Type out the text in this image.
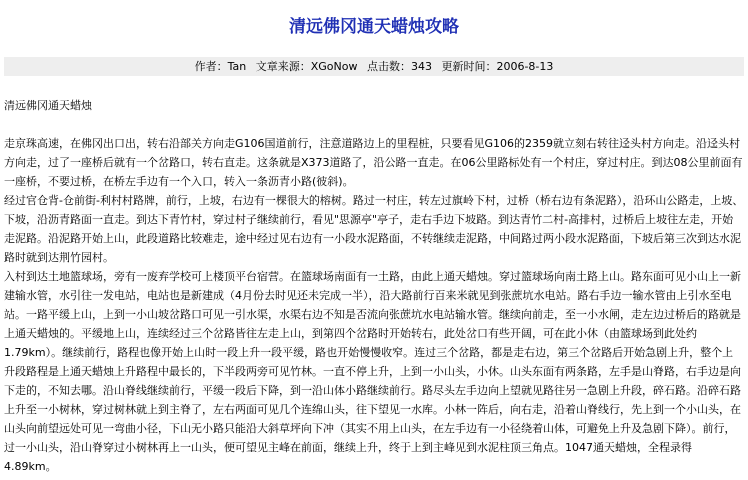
清远佛冈通天蜡烛攻略
作者：Tan 文章来源：XGoNow 点击数：343 更新时间：2006-8-13

清远佛冈通天蜡烛

走京珠高速，在佛冈出口出，转右沿部关方向走G106国道前行，注意道路边上的里程桩，只要看见G106的2359就立刻右转往迳头村方向走。沿迳头村方向走，过了一座桥后就有一个岔路口，转右直走。这条就是X373道路了，沿公路一直走。在06公里路标处有一个村庄，穿过村庄。到达08公里前面有一座桥，不要过桥，在桥左手边有一个入口，转入一条沥青小路(彼斜)。

经过官仓背-仓前街-利村村路牌，前行，上坡，右边有一棵很大的榕树。路过一村庄，转左过旗岭下村，过桥（桥右边有条泥路），沿环山公路走，上坡、下坡，沿沥青路面一直走。到达下青竹村，穿过村子继续前行，看见"思源亭"亭子，走右手边下坡路。到达青竹二村-高排村，过桥后上坡往左走，开始走泥路。沿泥路开始上山，此段道路比较难走，途中经过见右边有一小段水泥路面，不转继续走泥路，中间路过两小段水泥路面，下坡后第三次到达水泥路时就到达荆竹园村。

入村到达土地篮球场，旁有一废弃学校可上楼顶平台宿营。在篮球场南面有一土路，由此上通天蜡烛。穿过篮球场向南土路上山。路东面可见小山上一新建输水管，水引往一发电站，电站也是新建成（4月份去时见还未完成一半），沿大路前行百来米就见到张蔗坑水电站。路右手边一输水管由上引水至电站。一路平缓上山，上到一小山坡岔路口可见一引水渠，水渠右边不知是否流向张蔗坑水电站输水管。继续向前走，至一小水闸，走左边过桥后的路就是上通天蜡烛的。平缓地上山，连续经过三个岔路皆往左走上山，到第四个岔路时开始转右，此处岔口有些开阔，可在此小休（由篮球场到此处约1.79km）。继续前行，路程也像开始上山时一段上升一段平缓，路也开始慢慢收窄。连过三个岔路，都是走右边，第三个岔路后开始急剧上升，整个上升段路程是上通天蜡烛上升路程中最长的，下半段两旁可见竹林。一直不停上升，上到一小山头，小休。山头东面有两条路，左手是山脊路，右手边是向下走的，不知去哪。沿山脊线继续前行，平缓一段后下降，到一沿山体小路继续前行。路尽头左手边向上望就见路往另一急剧上升段，碎石路。沿碎石路上升至一小树林，穿过树林就上到主脊了，左右两面可见几个连绵山头，往下望见一水库。小林一阵后，向右走，沿着山脊线行，先上到一个小山头，在山头向前望远处可见一弯曲小径，下山无小路只能沿大斜草坪向下冲（其实不用上山头，在左手边有一小径绕着山体，可避免上升及急剧下降）。前行，过一小山头，沿山脊穿过小树林再上一山头，便可望见主峰在前面，继续上升，终于上到主峰见到水泥柱顶三角点。1047通天蜡烛，全程录得4.89km。
